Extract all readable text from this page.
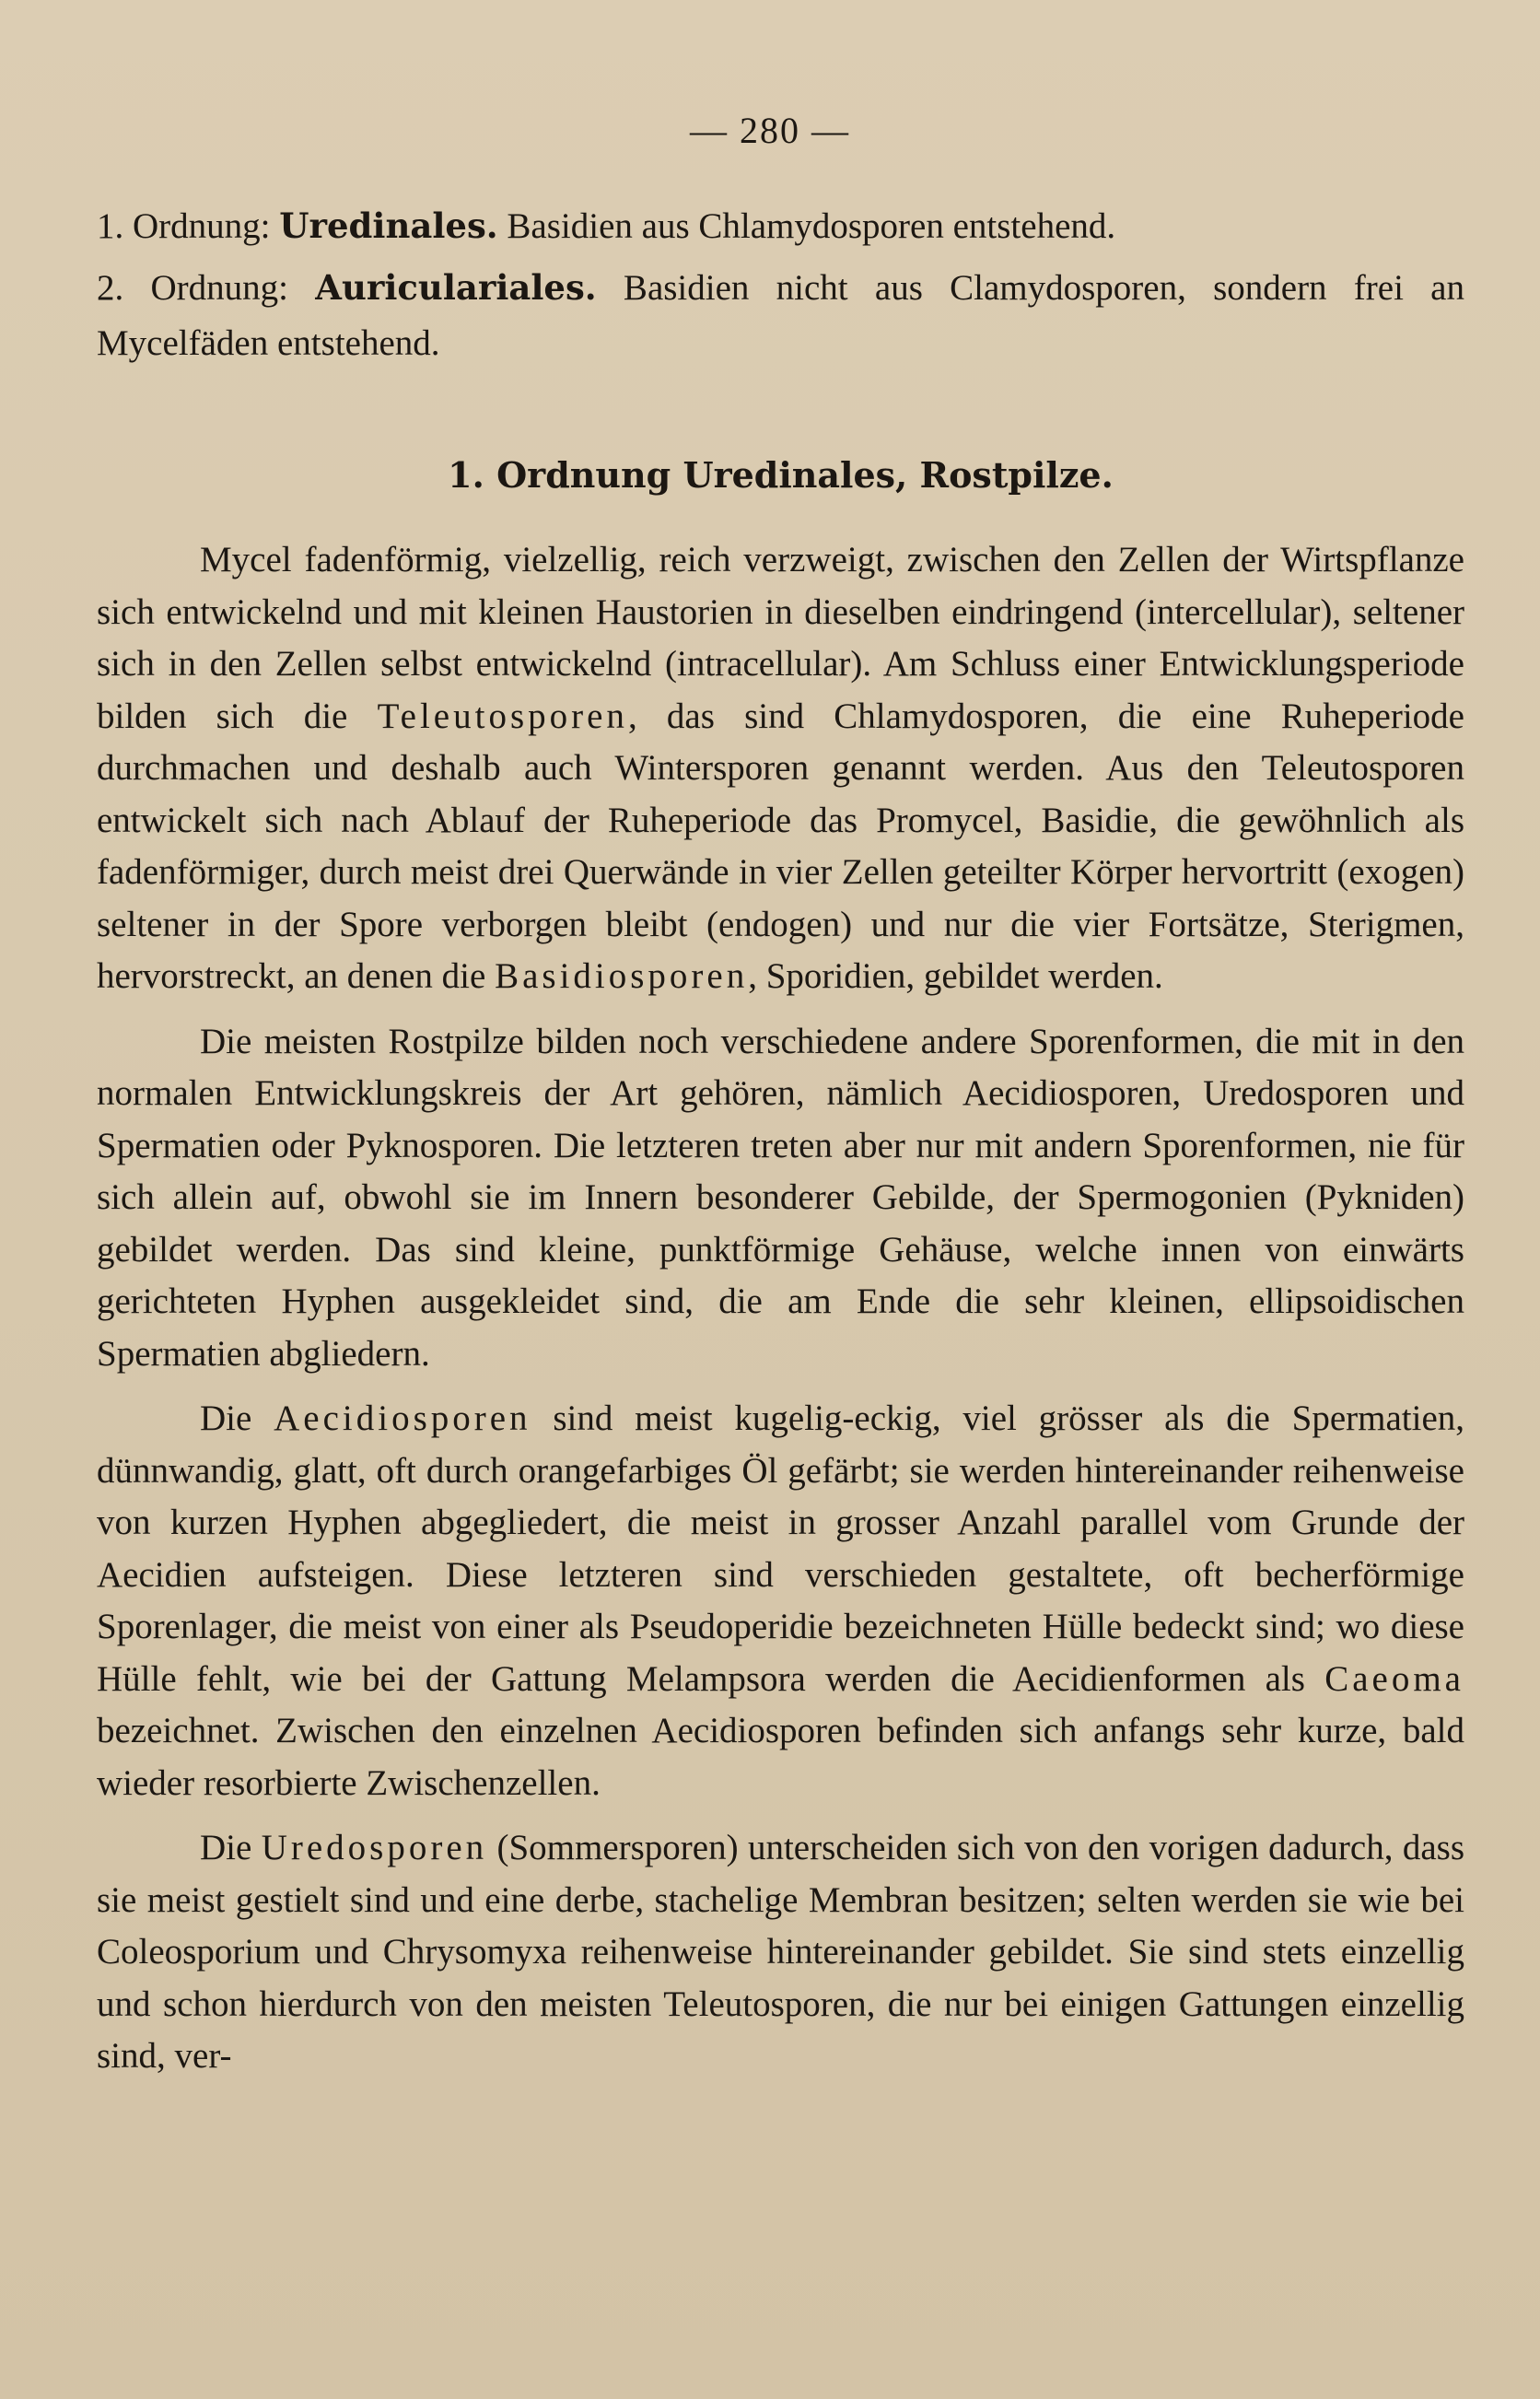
— 280 —

1. Ordnung: Uredinales. Basidien aus Chlamydosporen entstehend.

2. Ordnung: Auriculariales. Basidien nicht aus Clamydosporen, sondern frei an Mycelfäden entstehend.

1. Ordnung Uredinales, Rostpilze.

Mycel fadenförmig, vielzellig, reich verzweigt, zwischen den Zellen der Wirtspflanze sich entwickelnd und mit kleinen Haustorien in dieselben eindringend (intercellular), seltener sich in den Zellen selbst entwickelnd (intracellular). Am Schluss einer Entwicklungsperiode bilden sich die Teleutosporen, das sind Chlamydosporen, die eine Ruheperiode durchmachen und deshalb auch Wintersporen genannt werden. Aus den Teleutosporen entwickelt sich nach Ablauf der Ruheperiode das Promycel, Basidie, die gewöhnlich als fadenförmiger, durch meist drei Querwände in vier Zellen geteilter Körper hervortritt (exogen) seltener in der Spore verborgen bleibt (endogen) und nur die vier Fortsätze, Sterigmen, hervorstreckt, an denen die Basidiosporen, Sporidien, gebildet werden.

Die meisten Rostpilze bilden noch verschiedene andere Sporenformen, die mit in den normalen Entwicklungskreis der Art gehören, nämlich Aecidiosporen, Uredosporen und Spermatien oder Pyknosporen. Die letzteren treten aber nur mit andern Sporenformen, nie für sich allein auf, obwohl sie im Innern besonderer Gebilde, der Spermogonien (Pykniden) gebildet werden. Das sind kleine, punktförmige Gehäuse, welche innen von einwärts gerichteten Hyphen ausgekleidet sind, die am Ende die sehr kleinen, ellipsoidischen Spermatien abgliedern.

Die Aecidiosporen sind meist kugelig-eckig, viel grösser als die Spermatien, dünnwandig, glatt, oft durch orangefarbiges Öl gefärbt; sie werden hintereinander reihenweise von kurzen Hyphen abgegliedert, die meist in grosser Anzahl parallel vom Grunde der Aecidien aufsteigen. Diese letzteren sind verschieden gestaltete, oft becherförmige Sporenlager, die meist von einer als Pseudoperidie bezeichneten Hülle bedeckt sind; wo diese Hülle fehlt, wie bei der Gattung Melampsora werden die Aecidienformen als Caeoma bezeichnet. Zwischen den einzelnen Aecidiosporen befinden sich anfangs sehr kurze, bald wieder resorbierte Zwischenzellen.

Die Uredosporen (Sommersporen) unterscheiden sich von den vorigen dadurch, dass sie meist gestielt sind und eine derbe, stachelige Membran besitzen; selten werden sie wie bei Coleosporium und Chrysomyxa reihenweise hintereinander gebildet. Sie sind stets einzellig und schon hierdurch von den meisten Teleutosporen, die nur bei einigen Gattungen einzellig sind, ver-
